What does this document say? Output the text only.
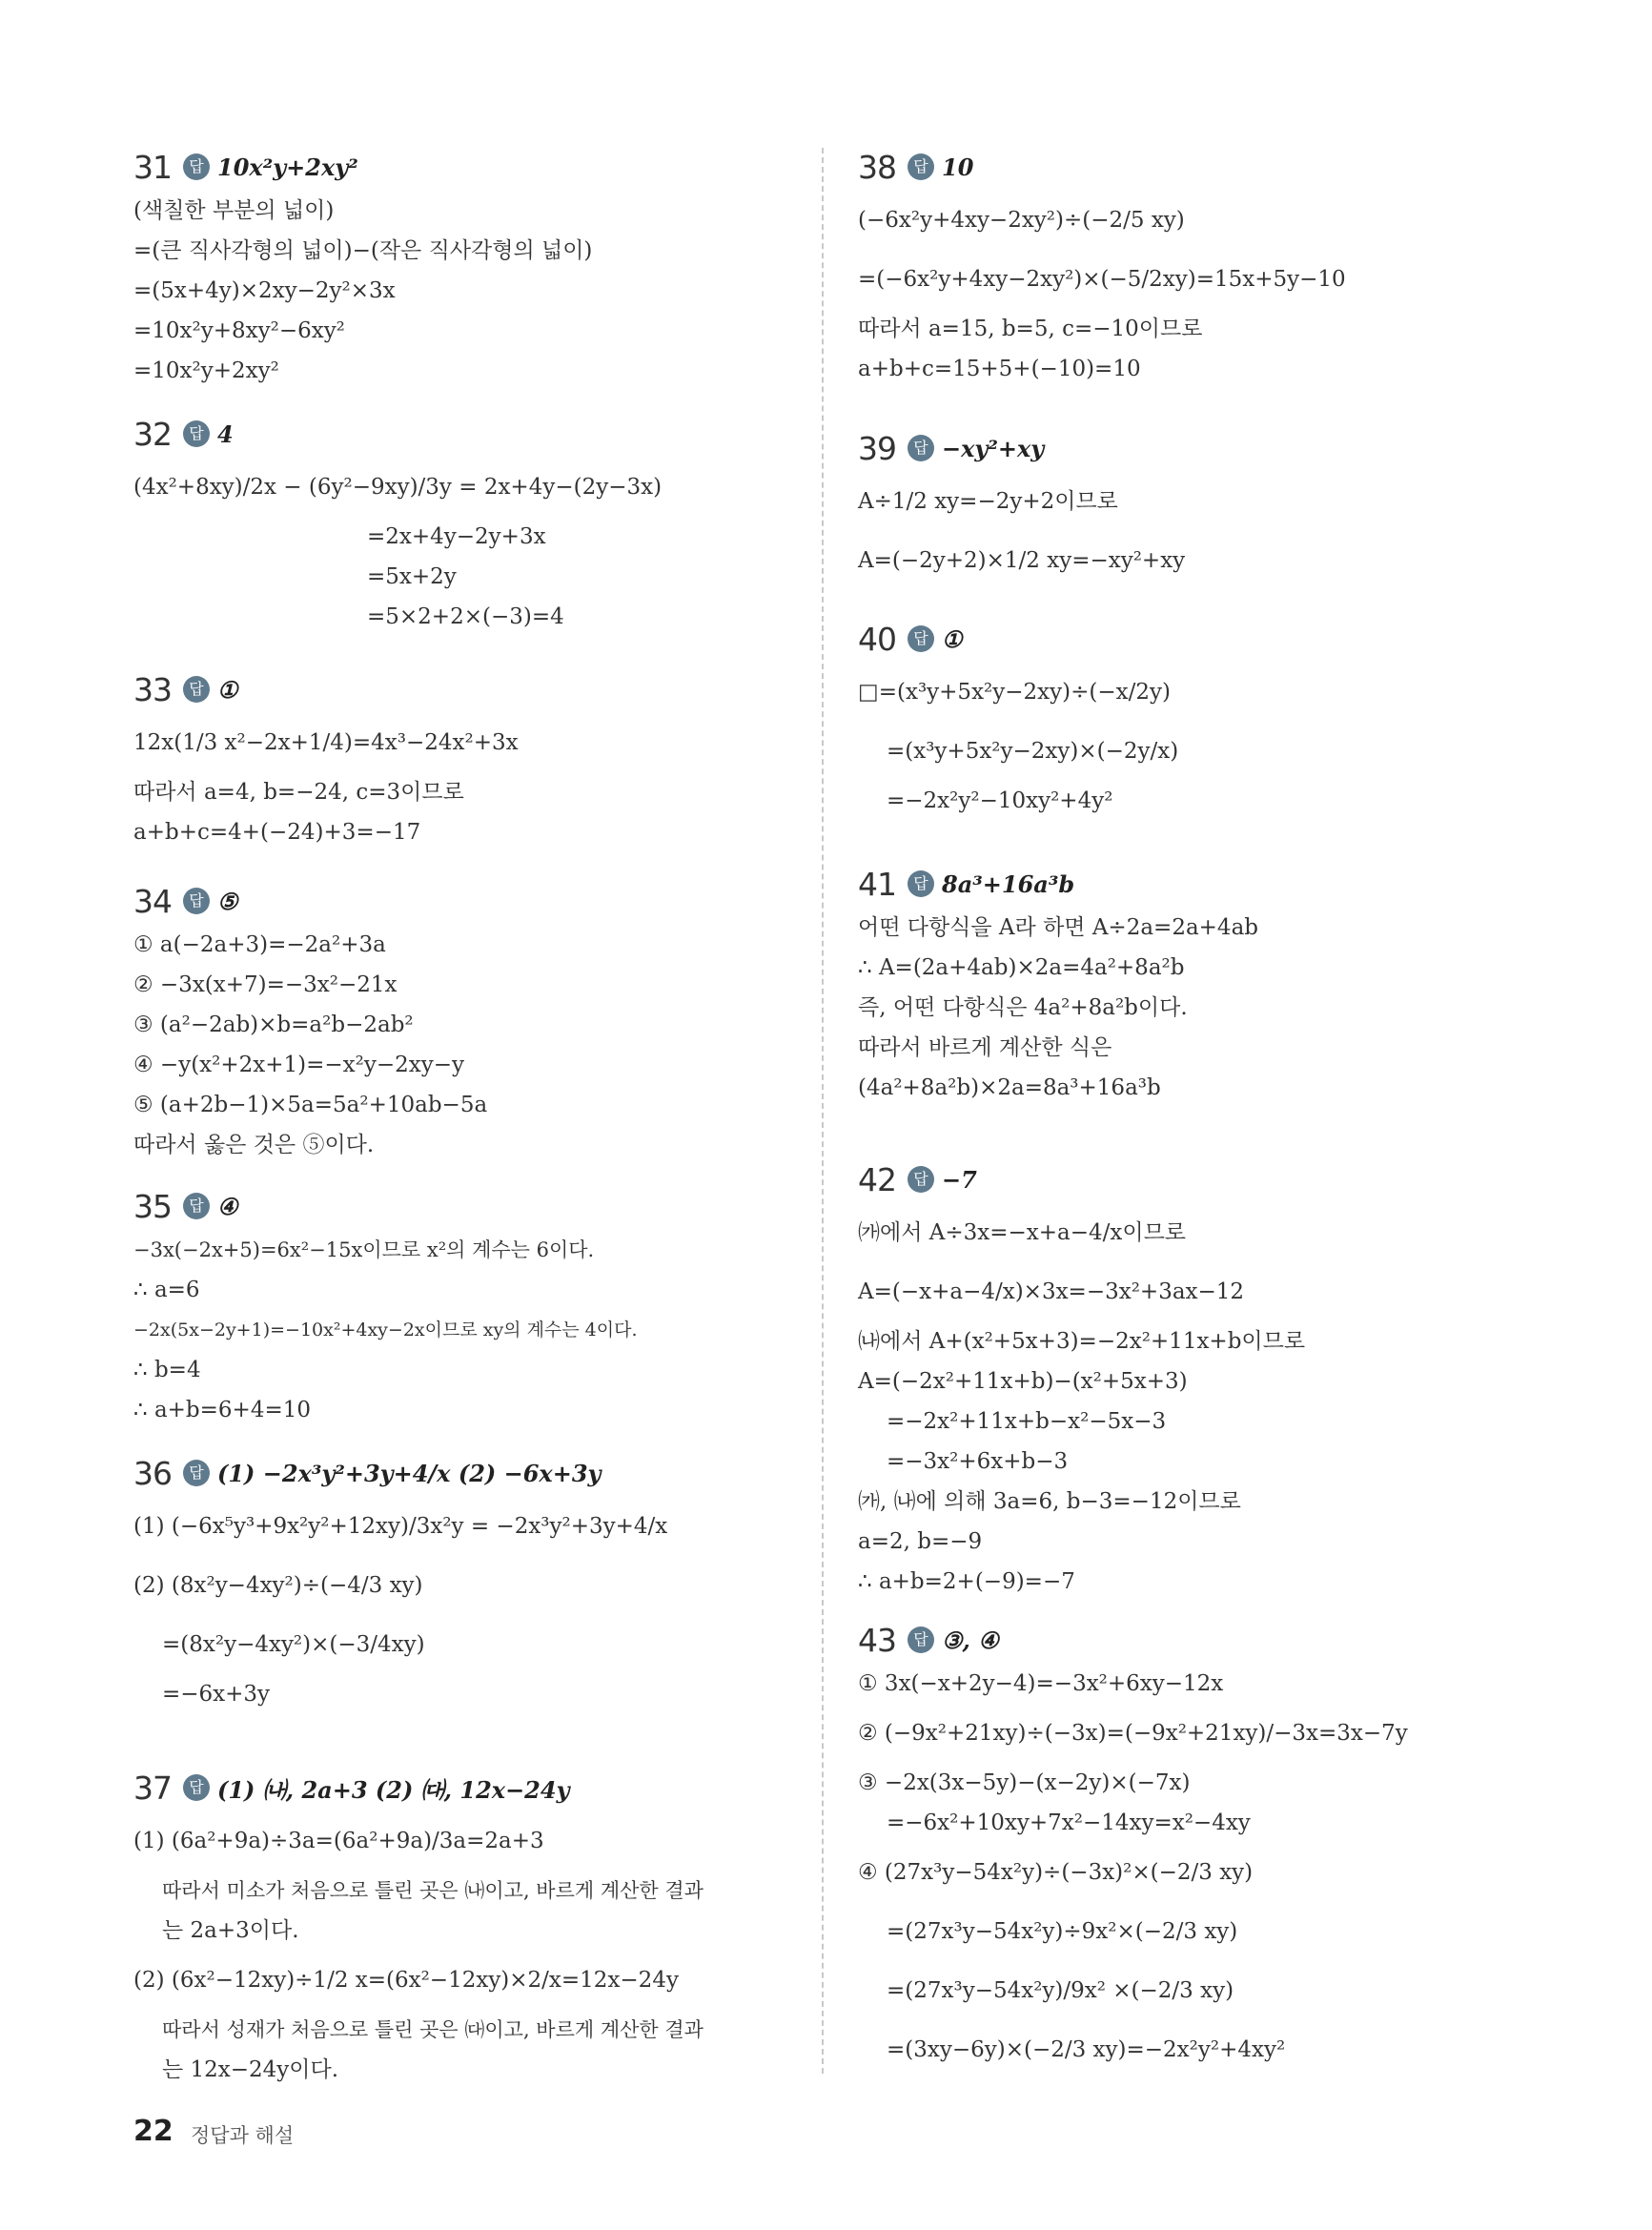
31	답 10x²y+2xy²
(색칠한 부분의 넓이)
=(큰 직사각형의 넓이)−(작은 직사각형의 넓이)
=(5x+4y)×2xy−2y²×3x
=10x²y+8xy²−6xy²
=10x²y+2xy²
32	답 4
(4x²+8xy)/2x − (6y²−9xy)/3y = 2x+4y−(2y−3x)
=2x+4y−2y+3x
=5x+2y
=5×2+2×(−3)=4
33	답 ①
12x(1/3 x²−2x+1/4)=4x³−24x²+3x
따라서 a=4, b=−24, c=3이므로
a+b+c=4+(−24)+3=−17
34	답 ⑤
① a(−2a+3)=−2a²+3a
② −3x(x+7)=−3x²−21x
③ (a²−2ab)×b=a²b−2ab²
④ −y(x²+2x+1)=−x²y−2xy−y
⑤ (a+2b−1)×5a=5a²+10ab−5a
따라서 옳은 것은 ⑤이다.
35	답 ④
−3x(−2x+5)=6x²−15x이므로 x²의 계수는 6이다.
∴ a=6
−2x(5x−2y+1)=−10x²+4xy−2x이므로 xy의 계수는 4이다.
∴ b=4
∴ a+b=6+4=10
36	답 (1) −2x³y²+3y+4/x (2) −6x+3y
(1) (−6x⁵y³+9x²y²+12xy)/3x²y = −2x³y²+3y+4/x
(2) (8x²y−4xy²)÷(−4/3 xy)
=(8x²y−4xy²)×(−3/4xy)
=−6x+3y
37	답 (1) ㈏, 2a+3 (2) ㈐, 12x−24y
(1) (6a²+9a)÷3a=(6a²+9a)/3a=2a+3
따라서 미소가 처음으로 틀린 곳은 ㈏이고, 바르게 계산한 결과
는 2a+3이다.
(2) (6x²−12xy)÷1/2 x=(6x²−12xy)×2/x=12x−24y
따라서 성재가 처음으로 틀린 곳은 ㈐이고, 바르게 계산한 결과
는 12x−24y이다.
38	답 10
(−6x²y+4xy−2xy²)÷(−2/5 xy)
=(−6x²y+4xy−2xy²)×(−5/2xy)=15x+5y−10
따라서 a=15, b=5, c=−10이므로
a+b+c=15+5+(−10)=10
39	답 −xy²+xy
A÷1/2 xy=−2y+2이므로
A=(−2y+2)×1/2 xy=−xy²+xy
40	답 ①
□=(x³y+5x²y−2xy)÷(−x/2y)
=(x³y+5x²y−2xy)×(−2y/x)
=−2x²y²−10xy²+4y²
41	답 8a³+16a³b
어떤 다항식을 A라 하면 A÷2a=2a+4ab
∴ A=(2a+4ab)×2a=4a²+8a²b
즉, 어떤 다항식은 4a²+8a²b이다.
따라서 바르게 계산한 식은
(4a²+8a²b)×2a=8a³+16a³b
42	답 −7
㈎에서 A÷3x=−x+a−4/x이므로
A=(−x+a−4/x)×3x=−3x²+3ax−12
㈏에서 A+(x²+5x+3)=−2x²+11x+b이므로
A=(−2x²+11x+b)−(x²+5x+3)
=−2x²+11x+b−x²−5x−3
=−3x²+6x+b−3
㈎, ㈏에 의해 3a=6, b−3=−12이므로
a=2, b=−9
∴ a+b=2+(−9)=−7
43	답 ③, ④
① 3x(−x+2y−4)=−3x²+6xy−12x
② (−9x²+21xy)÷(−3x)=(−9x²+21xy)/−3x=3x−7y
③ −2x(3x−5y)−(x−2y)×(−7x)
=−6x²+10xy+7x²−14xy=x²−4xy
④ (27x³y−54x²y)÷(−3x)²×(−2/3 xy)
=(27x³y−54x²y)÷9x²×(−2/3 xy)
=(27x³y−54x²y)/9x² ×(−2/3 xy)
=(3xy−6y)×(−2/3 xy)=−2x²y²+4xy²
22 정답과 해설
